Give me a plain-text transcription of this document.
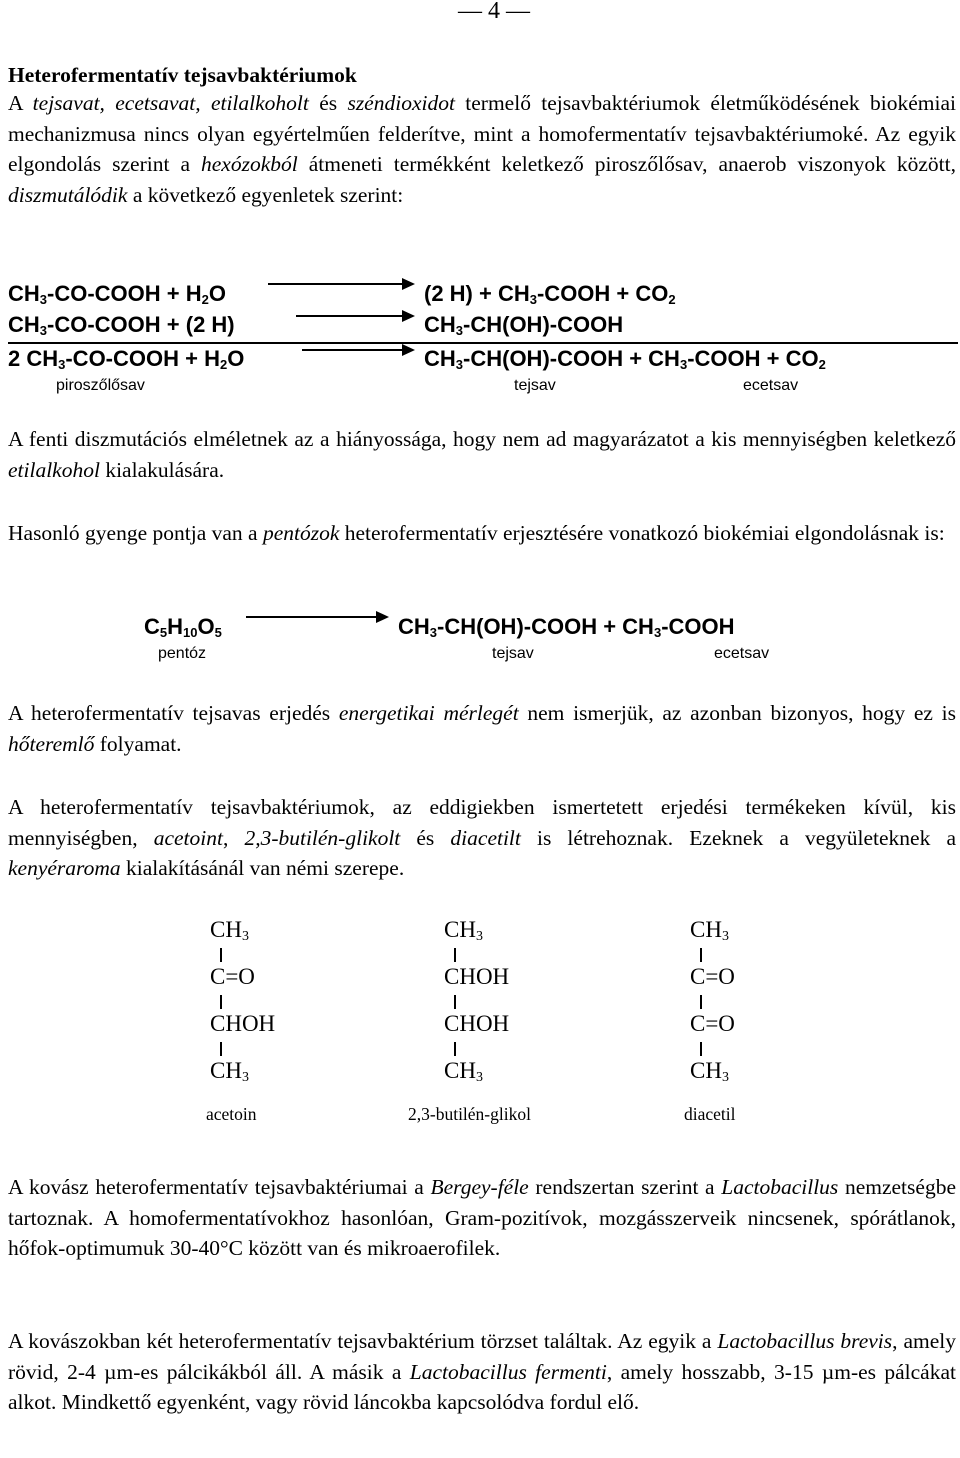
— 4 —
Heterofermentatív tejsavbaktériumok
A tejsavat, ecetsavat, etilalkoholt és széndioxidot termelő tejsavbaktériumok életműködésének biokémiai mechanizmusa nincs olyan egyértelműen felderítve, mint a homofermentatív tejsavbaktériumoké. Az egyik elgondolás szerint a hexózokból átmeneti termékként keletkező piroszőlősav, anaerob viszonyok között, diszmutálódik a következő egyenletek szerint:
$CH_3-CO$-COOH + $H_2O$	(2 $H) + CH_3$-COOH + $CO_2$
$CH_3-CO$-COOH + (2 H)	$CH_3-CH(OH)$-COOH
2 $CH_3-CO$-COOH + $H_2O$	$CH_3-CH(OH)$-COOH + $CH_3$-COOH + $CO_2$
piroszőlősav	tejsav	ecetsav
A fenti diszmutációs elméletnek az a hiányossága, hogy nem ad magyarázatot a kis mennyiségben keletkező etilalkohol kialakulására.
Hasonló gyenge pontja van a pentózok heterofermentatív erjesztésére vonatkozó biokémiai elgondolásnak is:
$C_5H_{10}O_5$	$CH_3-CH(OH)$-COOH + $CH_3$-COOH
pentóz	tejsav	ecetsav
A heterofermentatív tejsavas erjedés energetikai mérlegét nem ismerjük, az azonban bizonyos, hogy ez is hőteremlő folyamat.
A heterofermentatív tejsavbaktériumok, az eddigiekben ismertetett erjedési termékeken kívül, kis mennyiségben, acetoint, 2,3-butilén-glikolt és diacetilt is létrehoznak. Ezeknek a vegyületeknek a kenyéraroma kialakításánál van némi szerepe.
$CH_3$
C=O
CHOH
$CH_3$
acetoin
$CH_3$
CHOH
CHOH
$CH_3$
2,3-butilén-glikol
$CH_3$
C=O
C=O
$CH_3$
diacetil
A kovász heterofermentatív tejsavbaktériumai a Bergey-féle rendszertan szerint a Lactobacillus nemzetségbe tartoznak. A homofermentatívokhoz hasonlóan, Gram-pozitívok, mozgásszerveik nincsenek, spórátlanok, hőfok-optimumuk 30-40°C között van és mikroaerofilek.
A kovászokban két heterofermentatív tejsavbaktérium törzset találtak. Az egyik a Lactobacillus brevis, amely rövid, 2-4 µm-es pálcikákból áll. A másik a Lactobacillus fermenti, amely hosszabb, 3-15 µm-es pálcákat alkot. Mindkettő egyenként, vagy rövid láncokba kapcsolódva fordul elő.
